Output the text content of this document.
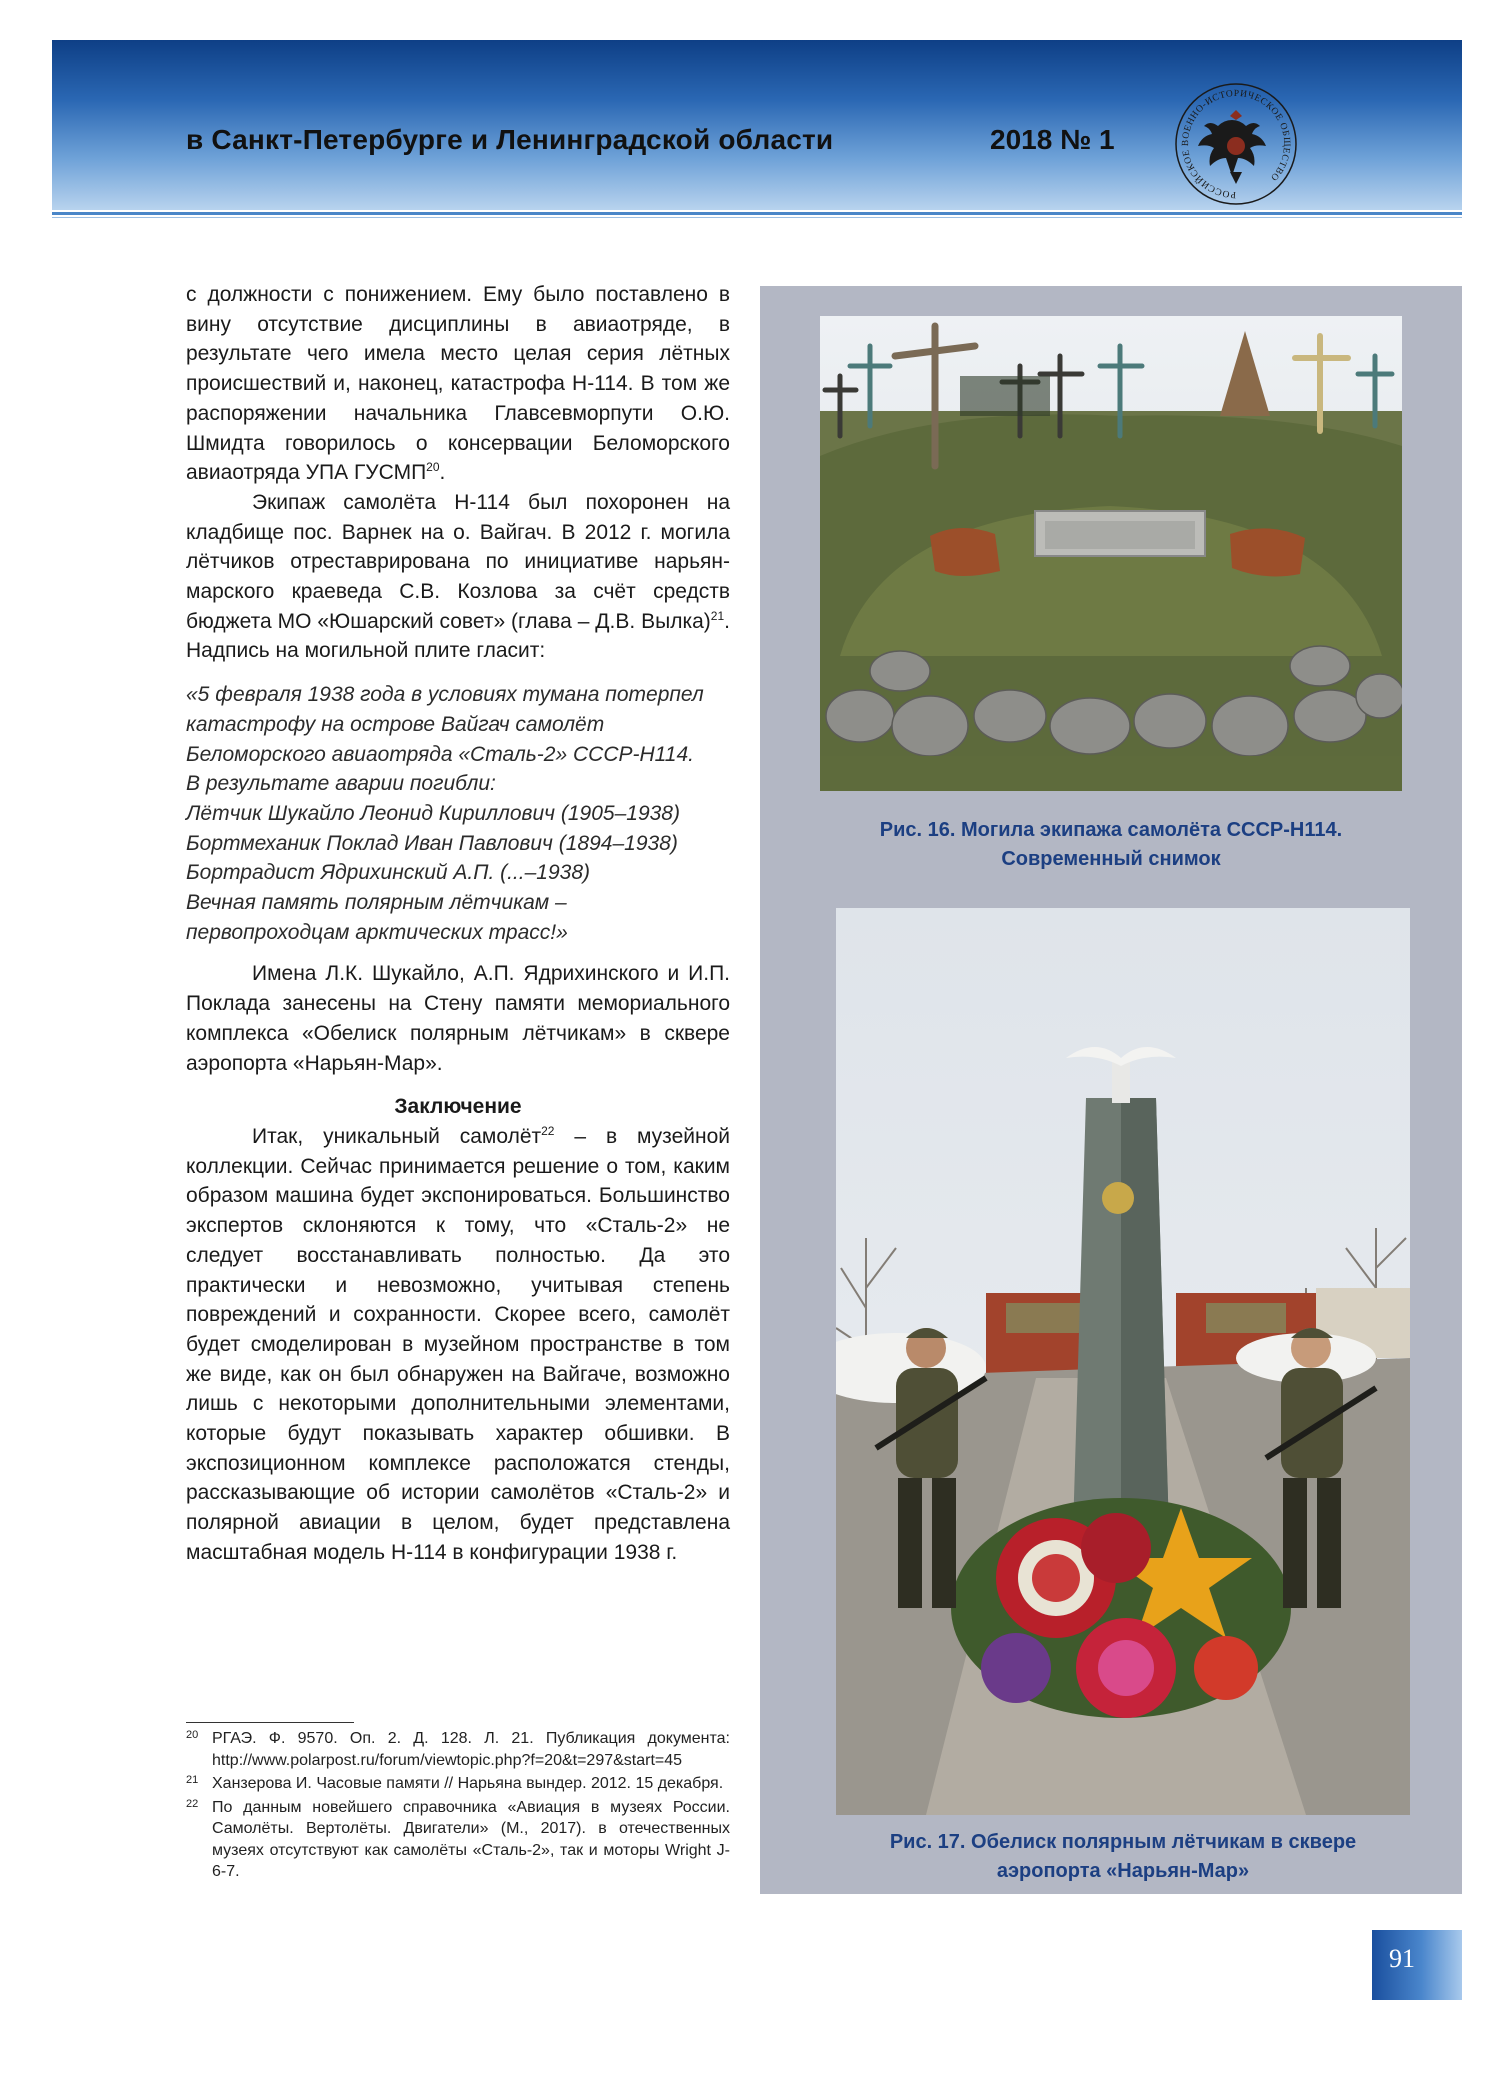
в Санкт-Петербурге и Ленинградской области	2018 № 1
РОССИЙСКОЕ ВОЕННО-ИСТОРИЧЕСКОЕ ОБЩЕСТВО

с должности с понижением. Ему было поставлено в вину отсутствие дисциплины в авиаотряде, в результате чего имела место целая серия лётных происшествий и, наконец, катастрофа Н-114. В том же распоряжении начальника Главсевморпути О.Ю. Шмидта говорилось о консервации Беломорского авиаотряда УПА ГУСМП$^{20}$.

Экипаж самолёта Н-114 был похоронен на кладбище пос. Варнек на о. Вайгач. В 2012 г. могила лётчиков отреставрирована по инициативе нарьян-марского краеведа С.В. Козлова за счёт средств бюджета МО «Юшарский совет» (глава – Д.В. Вылка)$^{21}$. Надпись на могильной плите гласит:

«5 февраля 1938 года в условиях тумана потерпел катастрофу на острове Вайгач самолёт Беломорского авиаотряда «Сталь-2» СССР-Н114.
В результате аварии погибли:
Лётчик Шукайло Леонид Кириллович (1905–1938)
Бортмеханик Поклад Иван Павлович (1894–1938)
Бортрадист Ядрихинский А.П. (...–1938)
Вечная память полярным лётчикам – первопроходцам арктических трасс!»

Имена Л.К. Шукайло, А.П. Ядрихинского и И.П. Поклада занесены на Стену памяти мемориального комплекса «Обелиск полярным лётчикам» в сквере аэропорта «Нарьян-Мар».

Заключение

Итак, уникальный самолёт$^{22}$ – в музейной коллекции. Сейчас принимается решение о том, каким образом машина будет экспонироваться. Большинство экспертов склоняются к тому, что «Сталь-2» не следует восстанавливать полностью. Да это практически и невозможно, учитывая степень повреждений и сохранности. Скорее всего, самолёт будет смоделирован в музейном пространстве в том же виде, как он был обнаружен на Вайгаче, возможно лишь с некоторыми дополнительными элементами, которые будут показывать характер обшивки. В экспозиционном комплексе расположатся стенды, рассказывающие об истории самолётов «Сталь-2» и полярной авиации в целом, будет представлена масштабная модель Н-114 в конфигурации 1938 г.

20 РГАЭ. Ф. 9570. Оп. 2. Д. 128. Л. 21. Публикация документа: http://www.polarpost.ru/forum/viewtopic.php?f=20&t=297&start=45
21 Ханзерова И. Часовые памяти // Нарьяна вындер. 2012. 15 декабря.
22 По данным новейшего справочника «Авиация в музеях России. Самолёты. Вертолёты. Двигатели» (М., 2017). в отечественных музеях отсутствуют как самолёты «Сталь-2», так и моторы Wright J-6-7.
Рис. 16. Могила экипажа самолёта СССР-Н114.
Современный снимок
Рис. 17. Обелиск полярным лётчикам в сквере
аэропорта «Нарьян-Мар»
91
